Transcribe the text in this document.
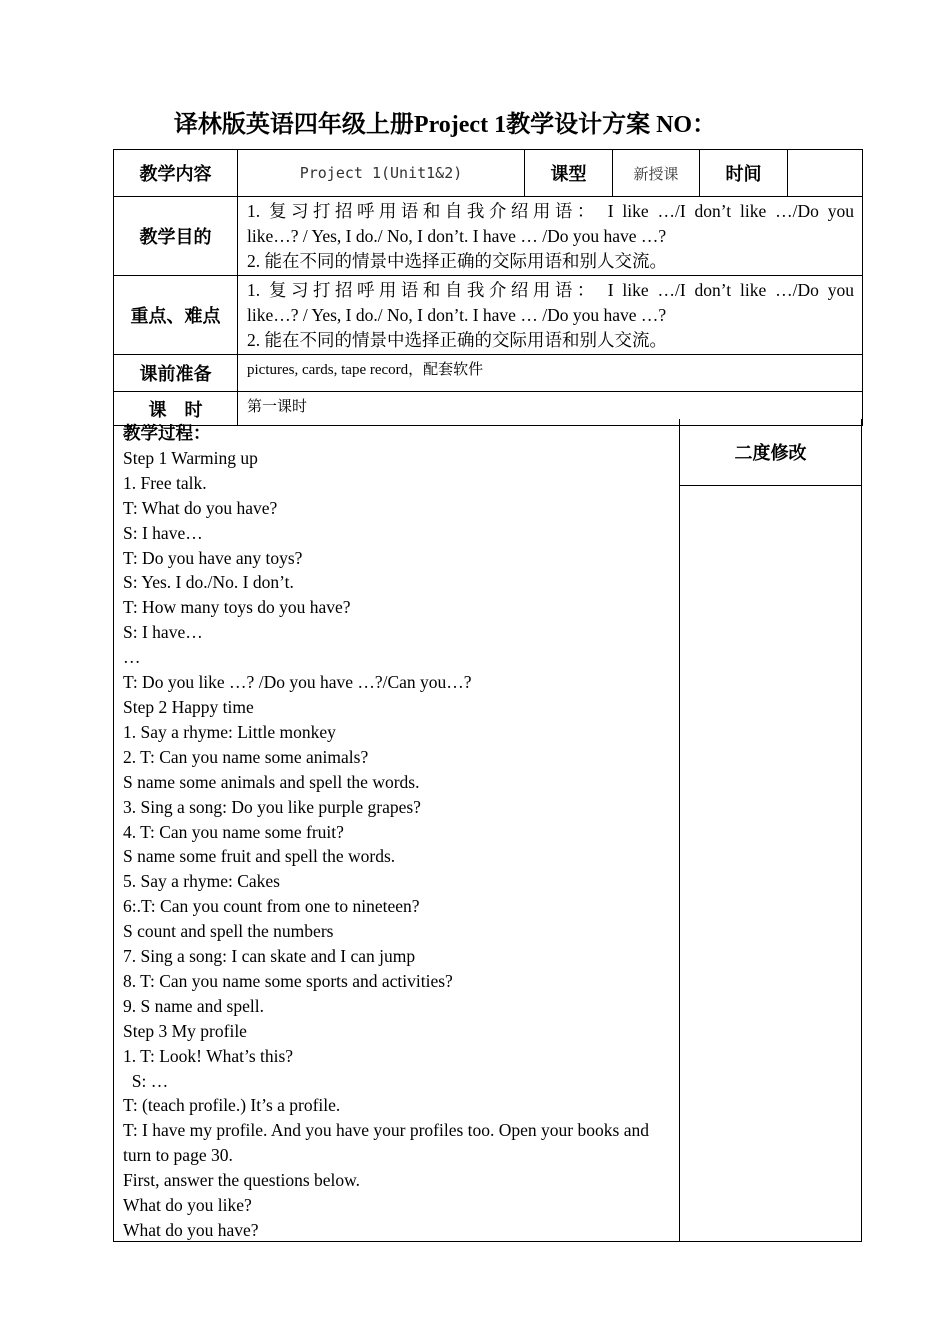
译林版英语四年级上册Project 1教学设计方案 NO：
教学内容	Project 1(Unit1&2)	课型	新授课	时间	
教学目的	1. 复习打招呼用语和自我介绍用语： I like …/I don’t like …/Do you
like…? / Yes, I do./ No, I don’t. I have … /Do you have …?
2. 能在不同的情景中选择正确的交际用语和别人交流。				

重点、难点	1. 复习打招呼用语和自我介绍用语： I like …/I don’t like …/Do you
like…? / Yes, I do./ No, I don’t. I have … /Do you have …?
2. 能在不同的情景中选择正确的交际用语和别人交流。				

课前准备	pictures, cards, tape record，配套软件				
课    时	第一课时				
教学过程：
Step 1 Warming up
1. Free talk.
T: What do you have?
S: I have…
T: Do you have any toys?
S: Yes. I do./No. I don’t.
T: How many toys do you have?
S: I have…
…
T: Do you like …? /Do you have …?/Can you…?
Step 2 Happy time
1. Say a rhyme: Little monkey
2. T: Can you name some animals?
S name some animals and spell the words.
3. Sing a song: Do you like purple grapes?
4. T: Can you name some fruit?
S name some fruit and spell the words.
5. Say a rhyme: Cakes
6:.T: Can you count from one to nineteen?
S count and spell the numbers
7. Sing a song: I can skate and I can jump
8. T: Can you name some sports and activities?
9. S name and spell.
Step 3 My profile
1. T: Look! What’s this?
S: …
T: (teach profile.) It’s a profile.
T: I have my profile. And you have your profiles too. Open your books and turn to page 30.
First, answer the questions below.
What do you like?
What do you have?
二度修改
